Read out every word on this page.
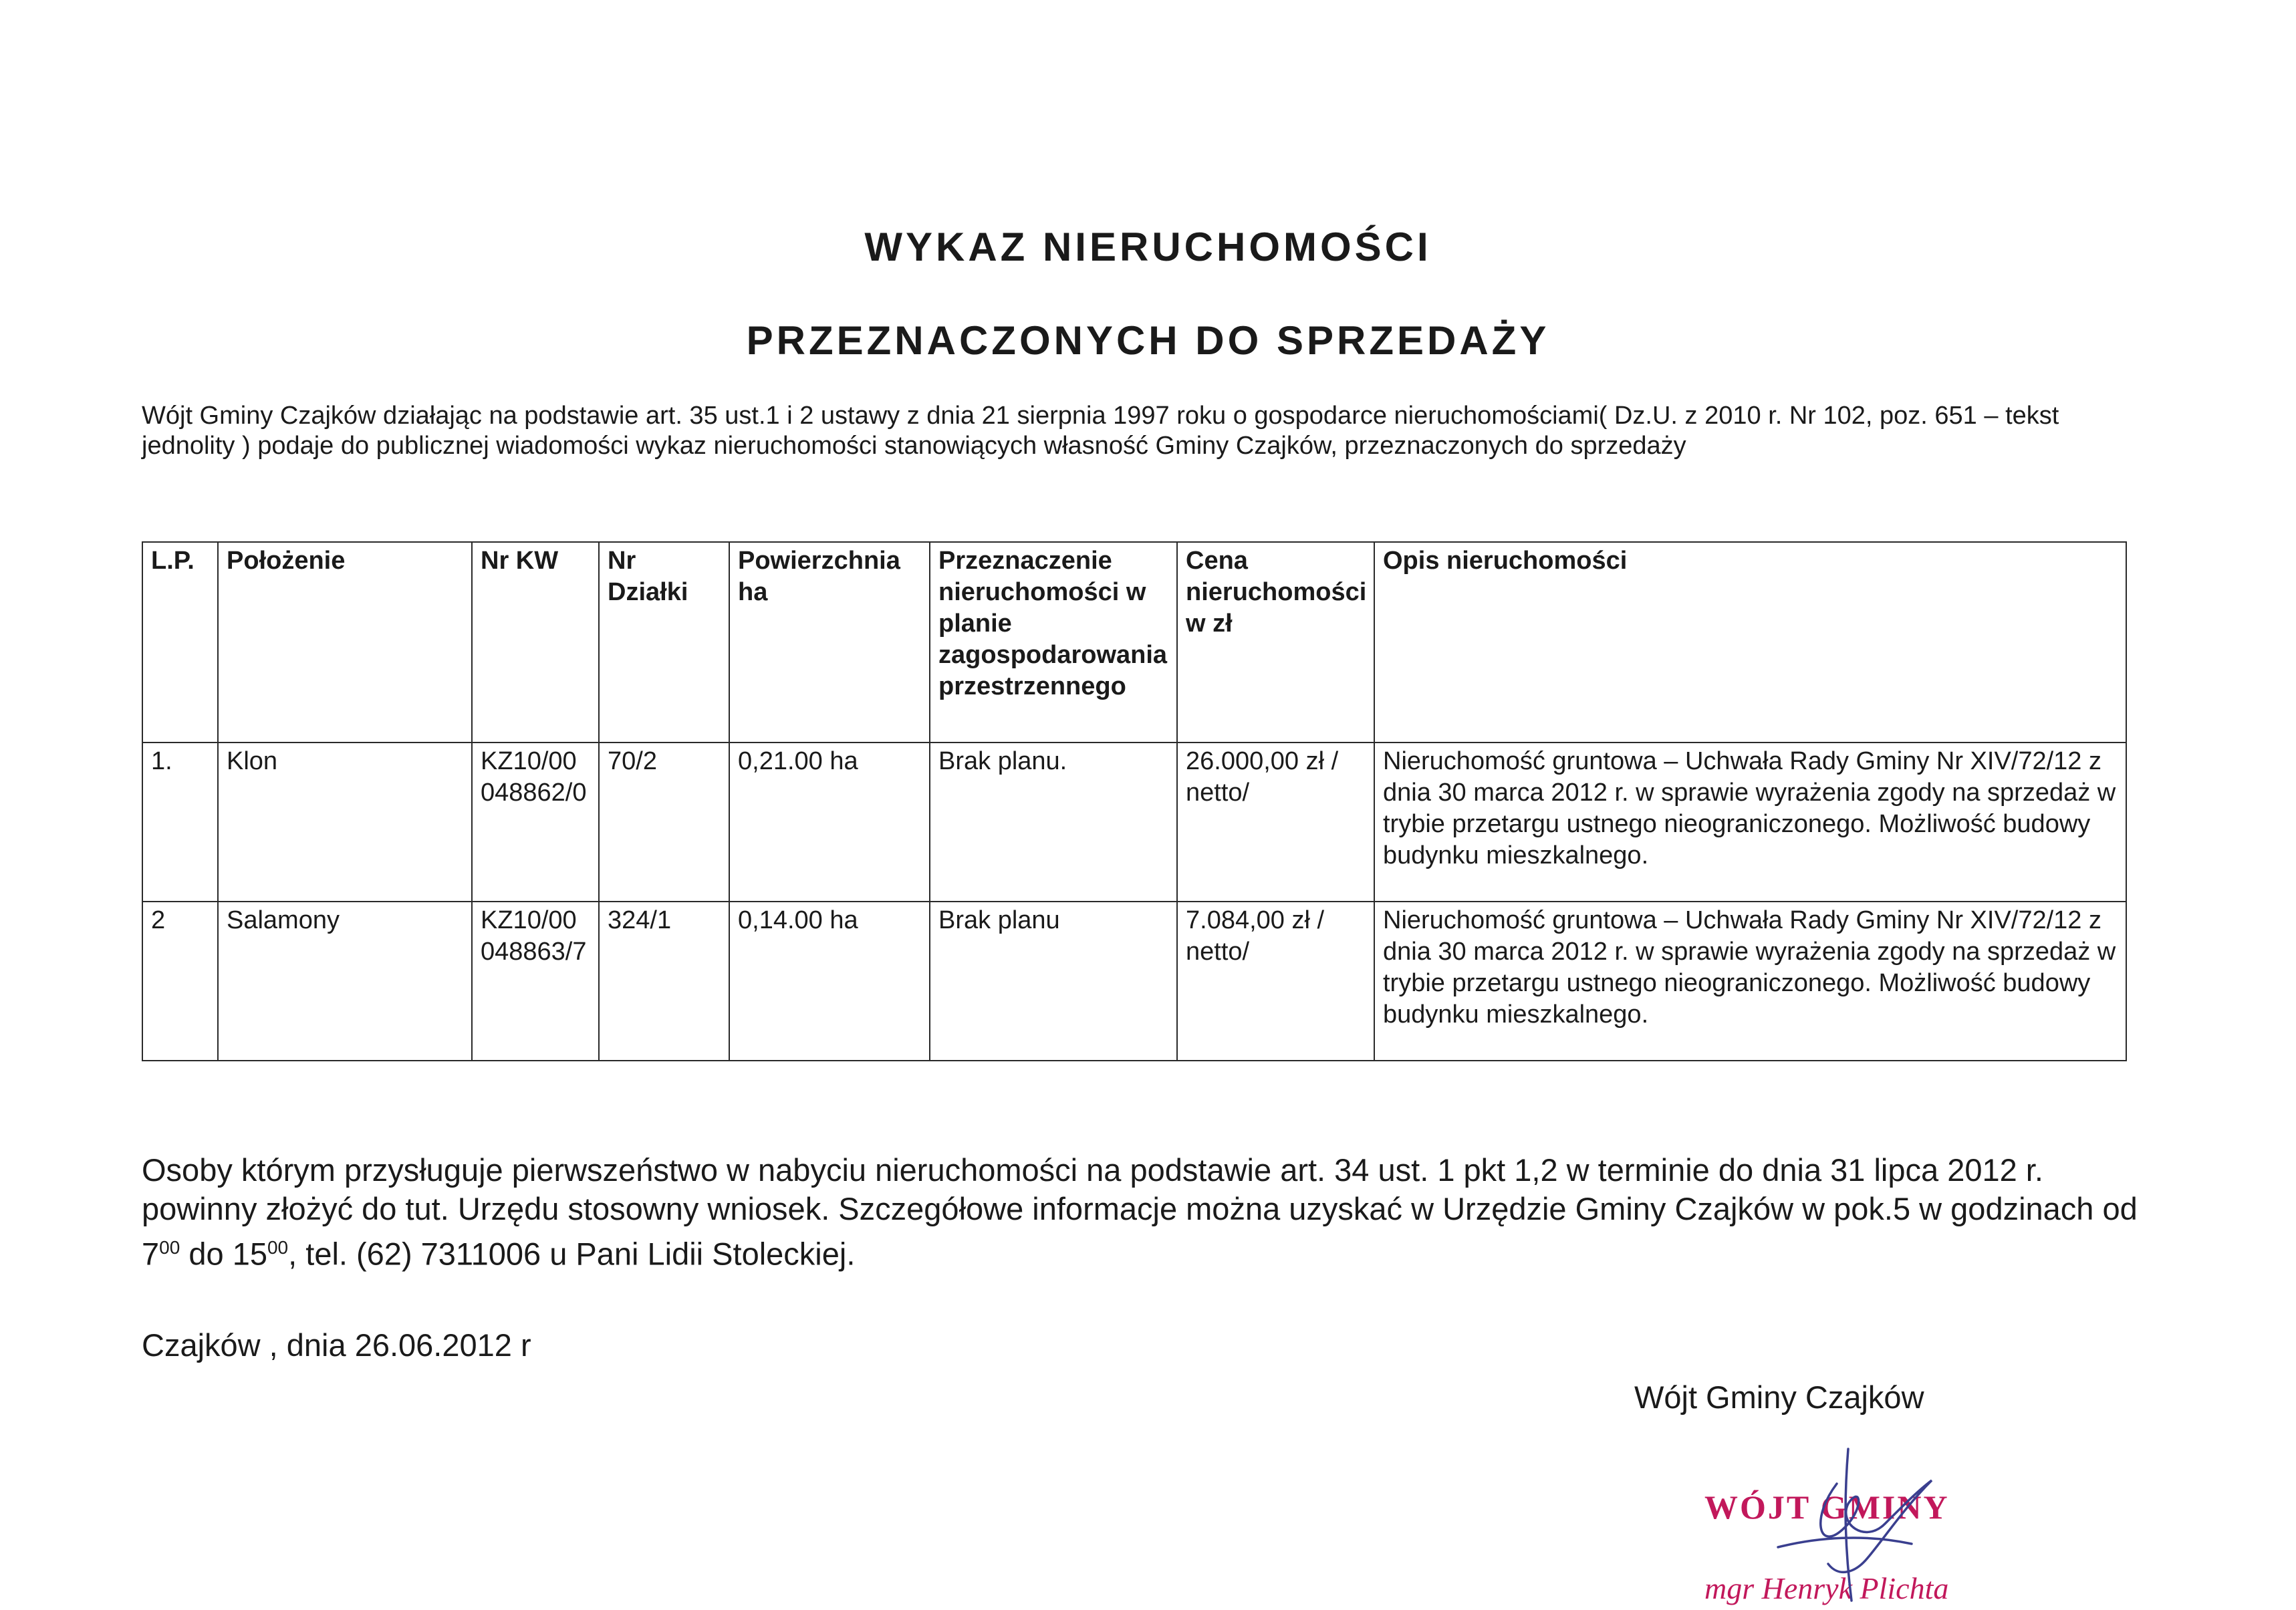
WYKAZ NIERUCHOMOŚCI
PRZEZNACZONYCH DO SPRZEDAŻY
Wójt Gminy Czajków działając na podstawie art. 35 ust.1 i 2 ustawy z dnia 21 sierpnia 1997 roku o gospodarce nieruchomościami( Dz.U. z 2010 r. Nr 102, poz. 651 – tekst jednolity ) podaje do publicznej wiadomości wykaz nieruchomości stanowiących własność Gminy Czajków, przeznaczonych do sprzedaży
L.P.	Położenie	Nr KW	Nr Działki	Powierzchnia ha	Przeznaczenie nieruchomości w planie zagospodarowania przestrzennego	Cena nieruchomości w zł	Opis nieruchomości
1.	Klon	KZ10/00048862/0	70/2	0,21.00 ha	Brak planu.	26.000,00 zł / netto/	Nieruchomość gruntowa – Uchwała Rady Gminy Nr XIV/72/12 z dnia 30 marca 2012 r. w sprawie wyrażenia zgody na sprzedaż w trybie przetargu ustnego nieograniczonego. Możliwość budowy budynku mieszkalnego.
2	Salamony	KZ10/00048863/7	324/1	0,14.00 ha	Brak planu	7.084,00 zł / netto/	Nieruchomość gruntowa – Uchwała Rady Gminy Nr XIV/72/12 z dnia 30 marca 2012 r. w sprawie wyrażenia zgody na sprzedaż w trybie przetargu ustnego nieograniczonego. Możliwość budowy budynku mieszkalnego.
Osoby którym przysługuje pierwszeństwo w nabyciu nieruchomości na podstawie art. 34 ust. 1 pkt 1,2 w terminie do dnia 31 lipca 2012 r. powinny złożyć do tut. Urzędu stosowny wniosek. Szczegółowe informacje można uzyskać w Urzędzie Gminy Czajków w pok.5 w godzinach od $7^{00}$ do $15^{00}$, tel. (62) 7311006 u Pani Lidii Stoleckiej.
Czajków , dnia 26.06.2012 r
Wójt Gminy Czajków
WÓJT GMINY
mgr Henryk Plichta
